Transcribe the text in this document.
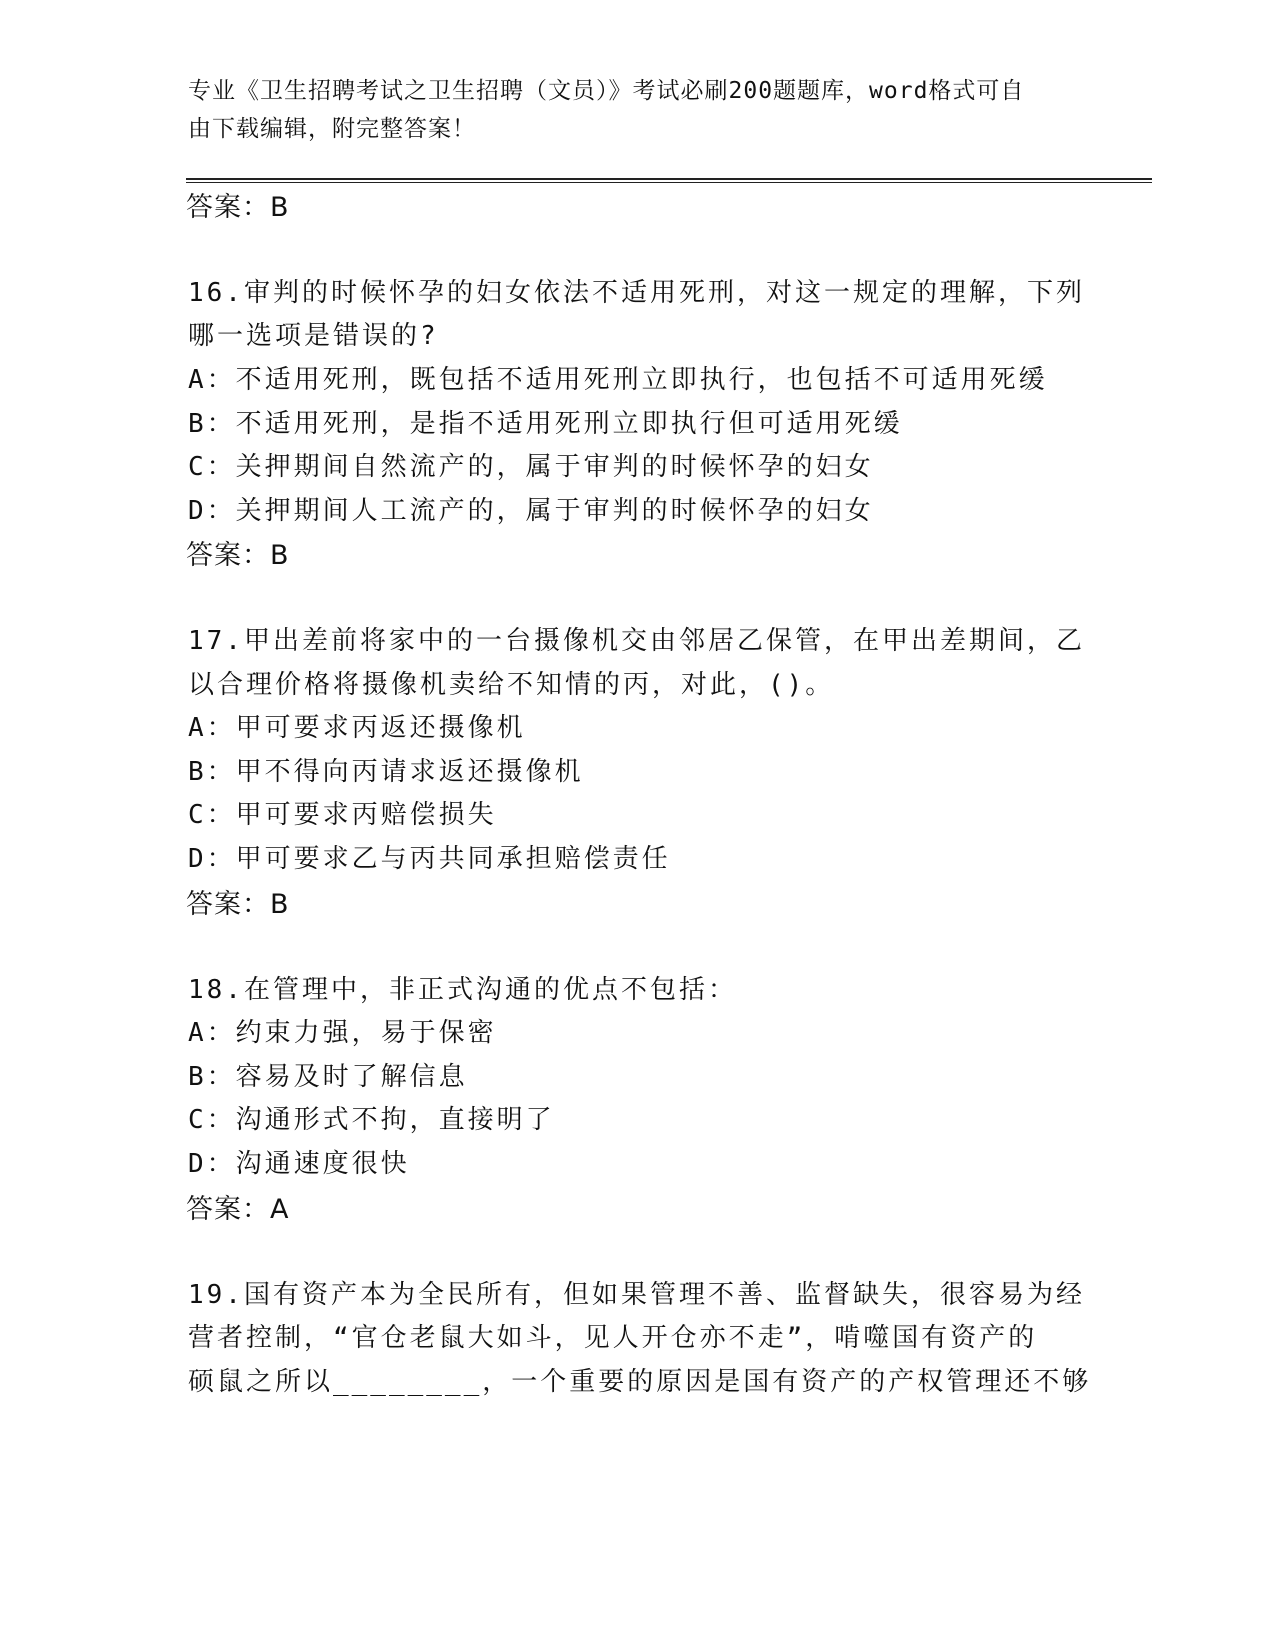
专业《卫生招聘考试之卫生招聘（文员）》考试必刷200题题库，word格式可自
由下载编辑，附完整答案！
答案：B
16.审判的时候怀孕的妇女依法不适用死刑，对这一规定的理解，下列
哪一选项是错误的?
A：不适用死刑，既包括不适用死刑立即执行，也包括不可适用死缓
B：不适用死刑，是指不适用死刑立即执行但可适用死缓
C：关押期间自然流产的，属于审判的时候怀孕的妇女
D：关押期间人工流产的，属于审判的时候怀孕的妇女
答案：B
17.甲出差前将家中的一台摄像机交由邻居乙保管，在甲出差期间，乙
以合理价格将摄像机卖给不知情的丙，对此，()。
A：甲可要求丙返还摄像机
B：甲不得向丙请求返还摄像机
C：甲可要求丙赔偿损失
D：甲可要求乙与丙共同承担赔偿责任
答案：B
18.在管理中，非正式沟通的优点不包括：
A：约束力强，易于保密
B：容易及时了解信息
C：沟通形式不拘，直接明了
D：沟通速度很快
答案：A
19.国有资产本为全民所有，但如果管理不善、监督缺失，很容易为经
营者控制，“官仓老鼠大如斗，见人开仓亦不走”，啃噬国有资产的
硕鼠之所以________，一个重要的原因是国有资产的产权管理还不够
